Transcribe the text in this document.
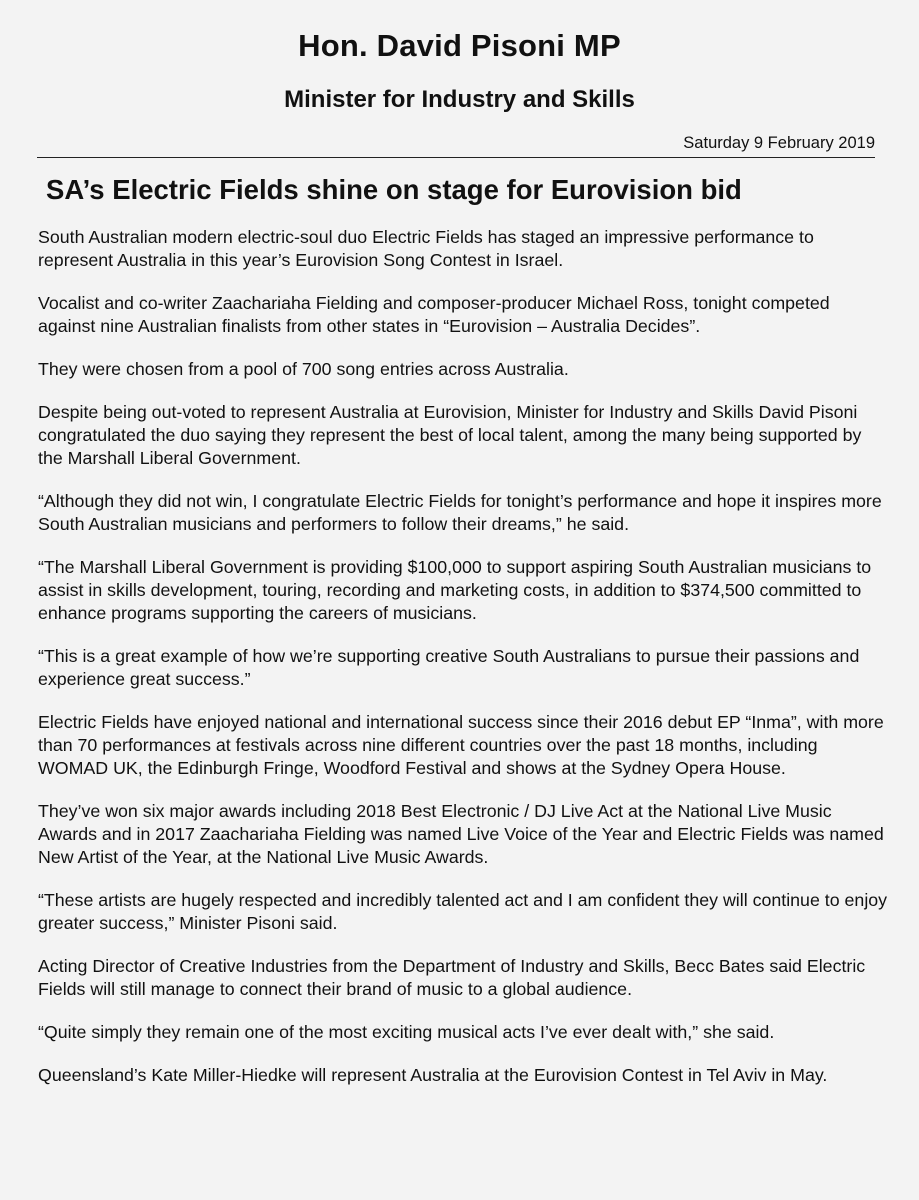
Hon. David Pisoni MP
Minister for Industry and Skills
Saturday 9 February 2019
SA’s Electric Fields shine on stage for Eurovision bid

South Australian modern electric-soul duo Electric Fields has staged an impressive performance to represent Australia in this year’s Eurovision Song Contest in Israel.

Vocalist and co-writer Zaachariaha Fielding and composer-producer Michael Ross, tonight competed against nine Australian finalists from other states in “Eurovision – Australia Decides”.

They were chosen from a pool of 700 song entries across Australia.

Despite being out-voted to represent Australia at Eurovision, Minister for Industry and Skills David Pisoni congratulated the duo saying they represent the best of local talent, among the many being supported by the Marshall Liberal Government.

“Although they did not win, I congratulate Electric Fields for tonight’s performance and hope it inspires more South Australian musicians and performers to follow their dreams,” he said.

“The Marshall Liberal Government is providing $100,000 to support aspiring South Australian musicians to assist in skills development, touring, recording and marketing costs, in addition to $374,500 committed to enhance programs supporting the careers of musicians.

“This is a great example of how we’re supporting creative South Australians to pursue their passions and experience great success.”

Electric Fields have enjoyed national and international success since their 2016 debut EP “Inma”, with more than 70 performances at festivals across nine different countries over the past 18 months, including WOMAD UK, the Edinburgh Fringe, Woodford Festival and shows at the Sydney Opera House.

They’ve won six major awards including 2018 Best Electronic / DJ Live Act at the National Live Music Awards and in 2017 Zaachariaha Fielding was named Live Voice of the Year and Electric Fields was named New Artist of the Year, at the National Live Music Awards.

“These artists are hugely respected and incredibly talented act and I am confident they will continue to enjoy greater success,” Minister Pisoni said.

Acting Director of Creative Industries from the Department of Industry and Skills, Becc Bates said Electric Fields will still manage to connect their brand of music to a global audience.

“Quite simply they remain one of the most exciting musical acts I’ve ever dealt with,” she said.

Queensland’s Kate Miller-Hiedke will represent Australia at the Eurovision Contest in Tel Aviv in May.
